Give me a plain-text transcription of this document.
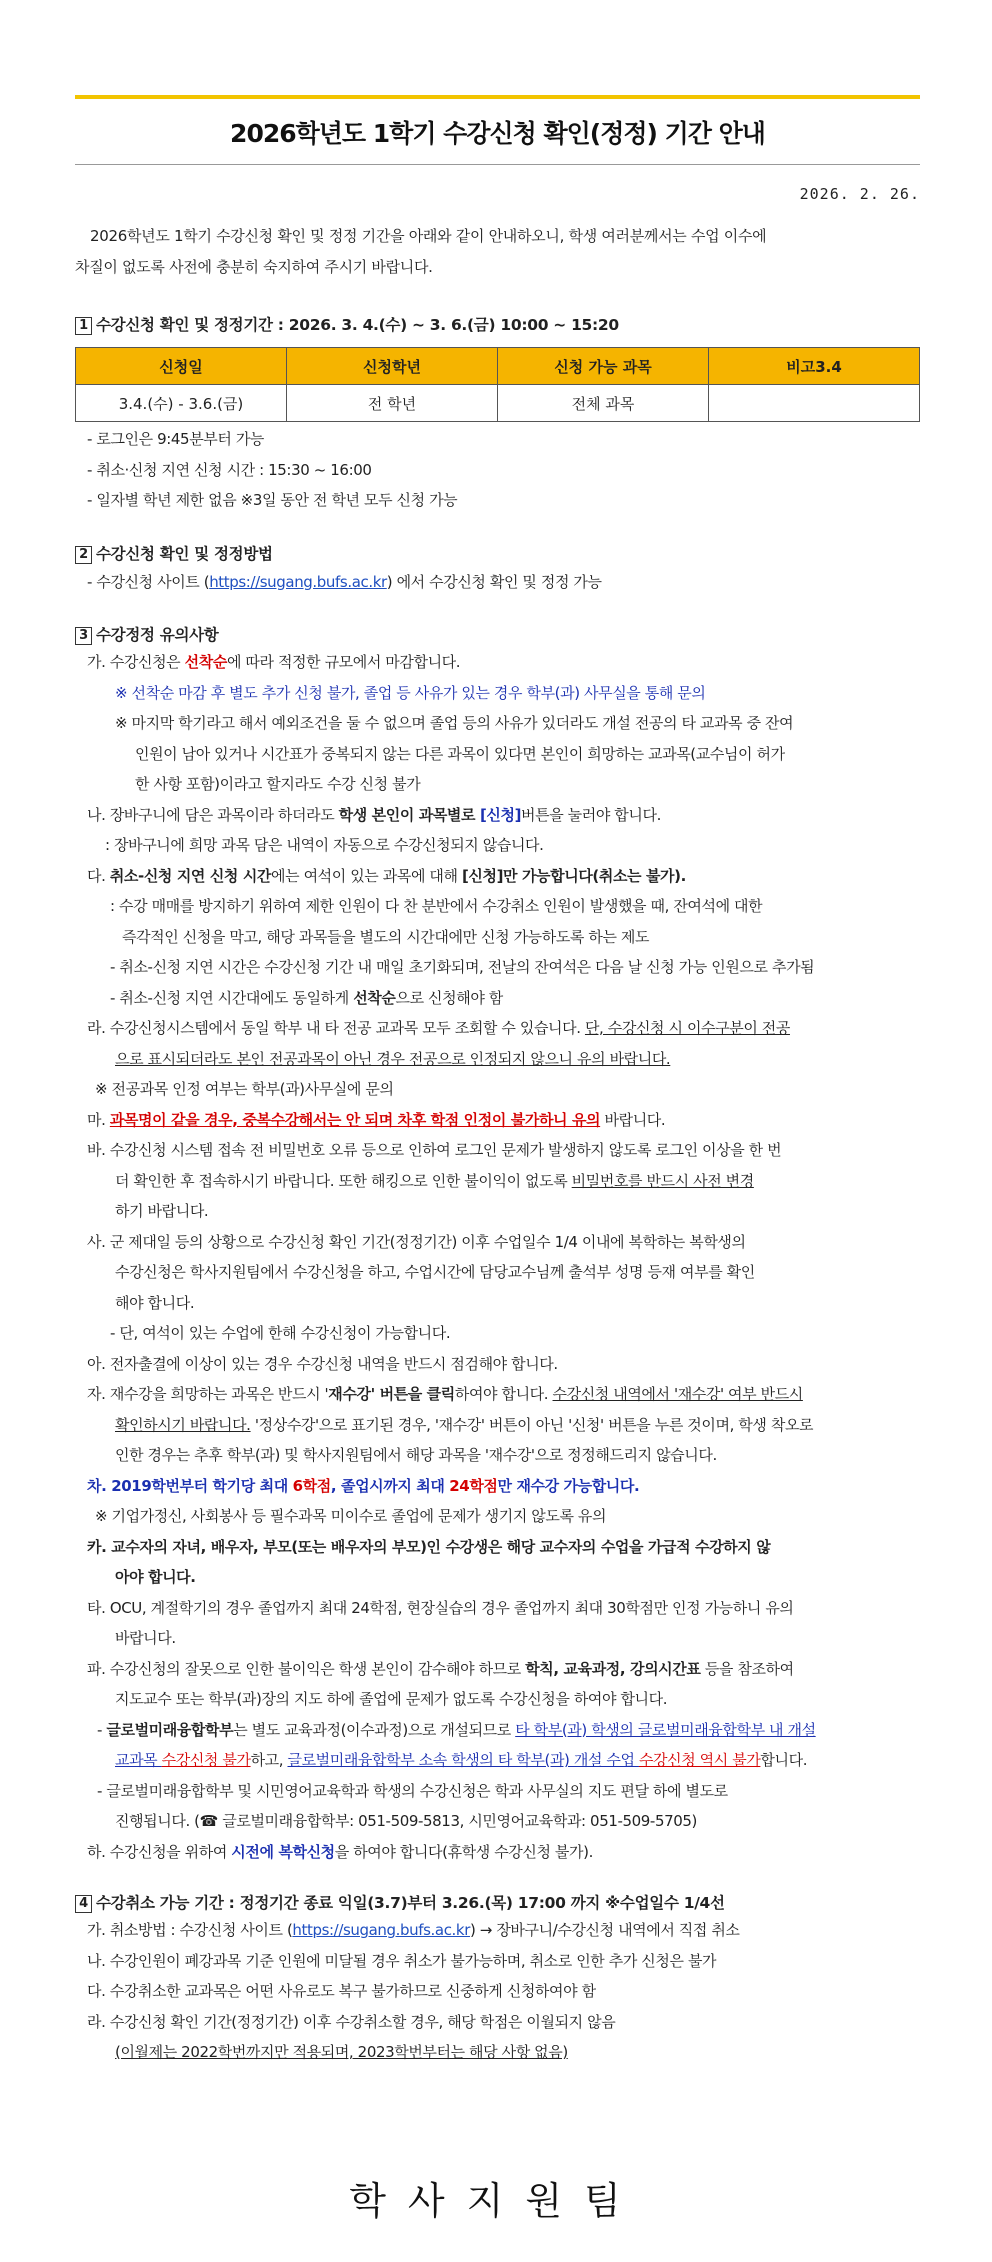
2026학년도 1학기 수강신청 확인(정정) 기간 안내
2026. 2. 26.
2026학년도 1학기 수강신청 확인 및 정정 기간을 아래와 같이 안내하오니, 학생 여러분께서는 수업 이수에
차질이 없도록 사전에 충분히 숙지하여 주시기 바랍니다.
1 수강신청 확인 및 정정기간 : 2026. 3. 4.(수) ~ 3. 6.(금) 10:00 ~ 15:20
신청일	신청학년	신청 가능 과목	비고3.4
3.4.(수) - 3.6.(금)	전 학년	전체 과목	
- 로그인은 9:45분부터 가능
- 취소·신청 지연 신청 시간 : 15:30 ~ 16:00
- 일자별 학년 제한 없음 ※3일 동안 전 학년 모두 신청 가능
2 수강신청 확인 및 정정방법
- 수강신청 사이트 (https://sugang.bufs.ac.kr) 에서 수강신청 확인 및 정정 가능
3 수강정정 유의사항
가. 수강신청은 선착순에 따라 적정한 규모에서 마감합니다.
※ 선착순 마감 후 별도 추가 신청 불가, 졸업 등 사유가 있는 경우 학부(과) 사무실을 통해 문의
※ 마지막 학기라고 해서 예외조건을 둘 수 없으며 졸업 등의 사유가 있더라도 개설 전공의 타 교과목 중 잔여
인원이 남아 있거나 시간표가 중복되지 않는 다른 과목이 있다면 본인이 희망하는 교과목(교수님이 허가
한 사항 포함)이라고 할지라도 수강 신청 불가
나. 장바구니에 담은 과목이라 하더라도 학생 본인이 과목별로 [신청]버튼을 눌러야 합니다.
: 장바구니에 희망 과목 담은 내역이 자동으로 수강신청되지 않습니다.
다. 취소-신청 지연 신청 시간에는 여석이 있는 과목에 대해 [신청]만 가능합니다(취소는 불가).
: 수강 매매를 방지하기 위하여 제한 인원이 다 찬 분반에서 수강취소 인원이 발생했을 때, 잔여석에 대한
즉각적인 신청을 막고, 해당 과목들을 별도의 시간대에만 신청 가능하도록 하는 제도
- 취소-신청 지연 시간은 수강신청 기간 내 매일 초기화되며, 전날의 잔여석은 다음 날 신청 가능 인원으로 추가됨
- 취소-신청 지연 시간대에도 동일하게 선착순으로 신청해야 함
라. 수강신청시스템에서 동일 학부 내 타 전공 교과목 모두 조회할 수 있습니다. 단, 수강신청 시 이수구분이 전공
으로 표시되더라도 본인 전공과목이 아닌 경우 전공으로 인정되지 않으니 유의 바랍니다.
※ 전공과목 인정 여부는 학부(과)사무실에 문의
마. 과목명이 같을 경우, 중복수강해서는 안 되며 차후 학점 인정이 불가하니 유의 바랍니다.
바. 수강신청 시스템 접속 전 비밀번호 오류 등으로 인하여 로그인 문제가 발생하지 않도록 로그인 이상을 한 번
더 확인한 후 접속하시기 바랍니다. 또한 해킹으로 인한 불이익이 없도록 비밀번호를 반드시 사전 변경
하기 바랍니다.
사. 군 제대일 등의 상황으로 수강신청 확인 기간(정정기간) 이후 수업일수 1/4 이내에 복학하는 복학생의
수강신청은 학사지원팀에서 수강신청을 하고, 수업시간에 담당교수님께 출석부 성명 등재 여부를 확인
해야 합니다.
- 단, 여석이 있는 수업에 한해 수강신청이 가능합니다.
아. 전자출결에 이상이 있는 경우 수강신청 내역을 반드시 점검해야 합니다.
자. 재수강을 희망하는 과목은 반드시 '재수강' 버튼을 클릭하여야 합니다. 수강신청 내역에서 '재수강' 여부 반드시
확인하시기 바랍니다. '정상수강'으로 표기된 경우, '재수강' 버튼이 아닌 '신청' 버튼을 누른 것이며, 학생 착오로
인한 경우는 추후 학부(과) 및 학사지원팀에서 해당 과목을 '재수강'으로 정정해드리지 않습니다.
차. 2019학번부터 학기당 최대 6학점, 졸업시까지 최대 24학점만 재수강 가능합니다.
※ 기업가정신, 사회봉사 등 필수과목 미이수로 졸업에 문제가 생기지 않도록 유의
카. 교수자의 자녀, 배우자, 부모(또는 배우자의 부모)인 수강생은 해당 교수자의 수업을 가급적 수강하지 않
아야 합니다.
타. OCU, 계절학기의 경우 졸업까지 최대 24학점, 현장실습의 경우 졸업까지 최대 30학점만 인정 가능하니 유의
바랍니다.
파. 수강신청의 잘못으로 인한 불이익은 학생 본인이 감수해야 하므로 학칙, 교육과정, 강의시간표 등을 참조하여
지도교수 또는 학부(과)장의 지도 하에 졸업에 문제가 없도록 수강신청을 하여야 합니다.
- 글로벌미래융합학부는 별도 교육과정(이수과정)으로 개설되므로 타 학부(과) 학생의 글로벌미래융합학부 내 개설
교과목 수강신청 불가하고, 글로벌미래융합학부 소속 학생의 타 학부(과) 개설 수업 수강신청 역시 불가합니다.
- 글로벌미래융합학부 및 시민영어교육학과 학생의 수강신청은 학과 사무실의 지도 편달 하에 별도로
진행됩니다. (☎ 글로벌미래융합학부: 051-509-5813, 시민영어교육학과: 051-509-5705)
하. 수강신청을 위하여 시전에 복학신청을 하여야 합니다(휴학생 수강신청 불가).
4 수강취소 가능 기간 : 정정기간 종료 익일(3.7)부터 3.26.(목) 17:00 까지 ※수업일수 1/4선
가. 취소방법 : 수강신청 사이트 (https://sugang.bufs.ac.kr) → 장바구니/수강신청 내역에서 직접 취소
나. 수강인원이 폐강과목 기준 인원에 미달될 경우 취소가 불가능하며, 취소로 인한 추가 신청은 불가
다. 수강취소한 교과목은 어떤 사유로도 복구 불가하므로 신중하게 신청하여야 함
라. 수강신청 확인 기간(정정기간) 이후 수강취소할 경우, 해당 학점은 이월되지 않음
(이월제는 2022학번까지만 적용되며, 2023학번부터는 해당 사항 없음)
학사지원팀
